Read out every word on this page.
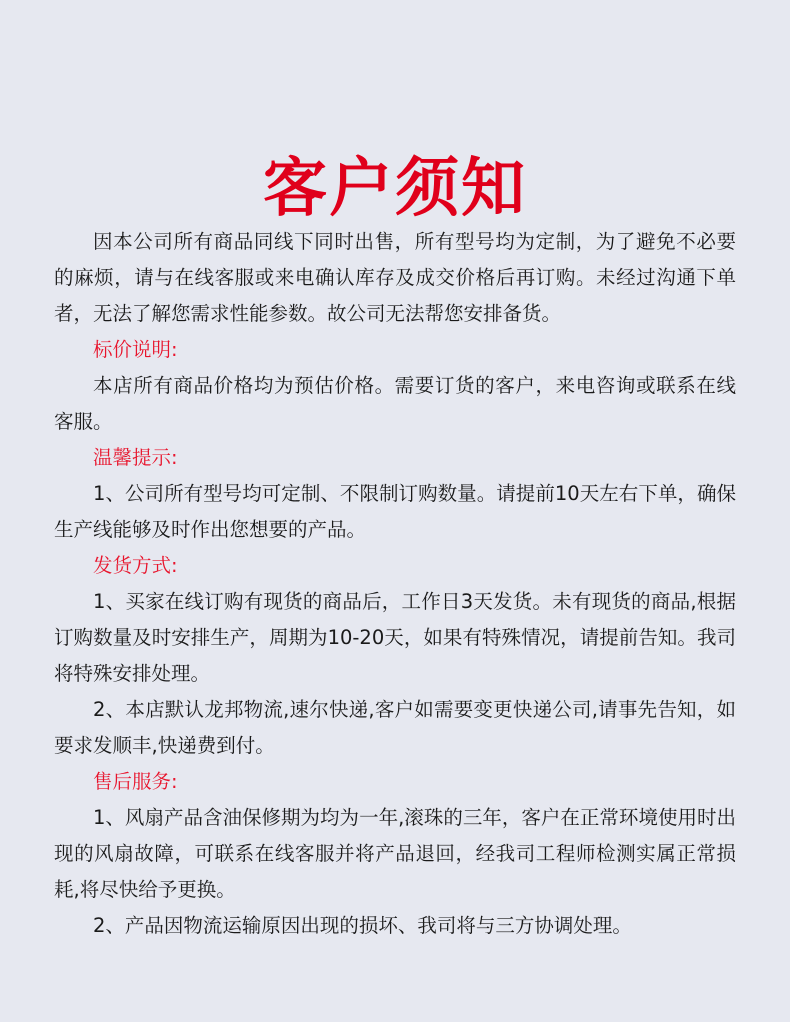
客户须知

因本公司所有商品同线下同时出售，所有型号均为定制，为了避免不必要的麻烦，请与在线客服或来电确认库存及成交价格后再订购。未经过沟通下单者，无法了解您需求性能参数。故公司无法帮您安排备货。

标价说明:

本店所有商品价格均为预估价格。需要订货的客户，来电咨询或联系在线客服。

温馨提示:

1、公司所有型号均可定制、不限制订购数量。请提前10天左右下单，确保生产线能够及时作出您想要的产品。

发货方式:

1、买家在线订购有现货的商品后，工作日3天发货。未有现货的商品,根据订购数量及时安排生产，周期为10-20天，如果有特殊情况，请提前告知。我司将特殊安排处理。

2、本店默认龙邦物流,速尔快递,客户如需要变更快递公司,请事先告知，如要求发顺丰,快递费到付。

售后服务:

1、风扇产品含油保修期为均为一年,滚珠的三年，客户在正常环境使用时出现的风扇故障，可联系在线客服并将产品退回，经我司工程师检测实属正常损耗,将尽快给予更换。

2、产品因物流运输原因出现的损坏、我司将与三方协调处理。
